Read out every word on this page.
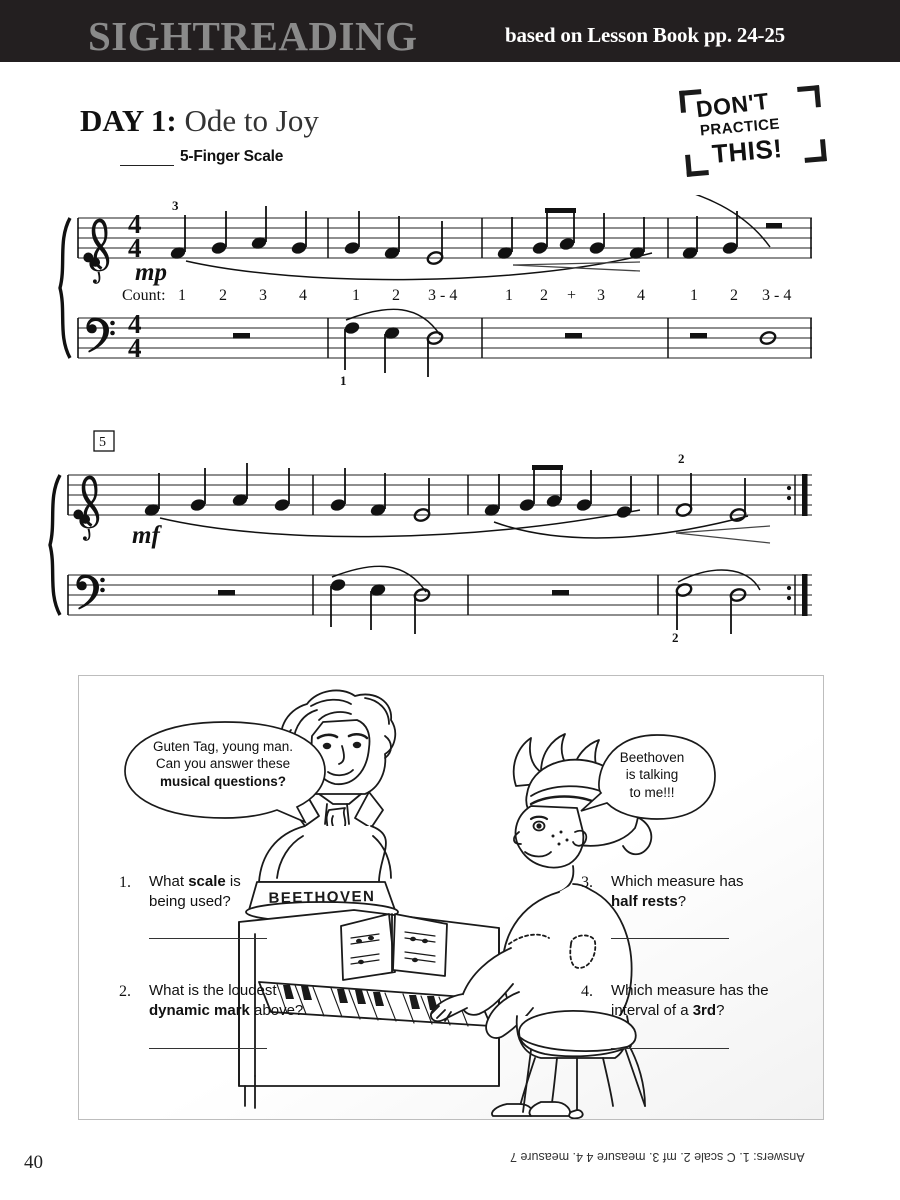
SIGHTREADING	based on Lesson Book pp. 24-25
DAY 1: Ode to Joy
5-Finger Scale
DON'T
PRACTICE
THIS!
4
4
4
4
3
mp
Count: 1 2 3 4	1 2 3 - 4	1 2 + 3 4	1 2 3 - 4
1
5
2
mf
2
BEETHOVEN
Guten Tag, young man.
Can you answer these
musical questions?
Beethoven
is talking
to me!!!
1.	What scale is
being used?
2.	What is the loudest
dynamic mark above?
3.	Which measure has
half rests?
4.	Which measure has the
interval of a 3rd?
40	Answers: 1. C scale 2. mf 3. measure 4 4. measure 7
